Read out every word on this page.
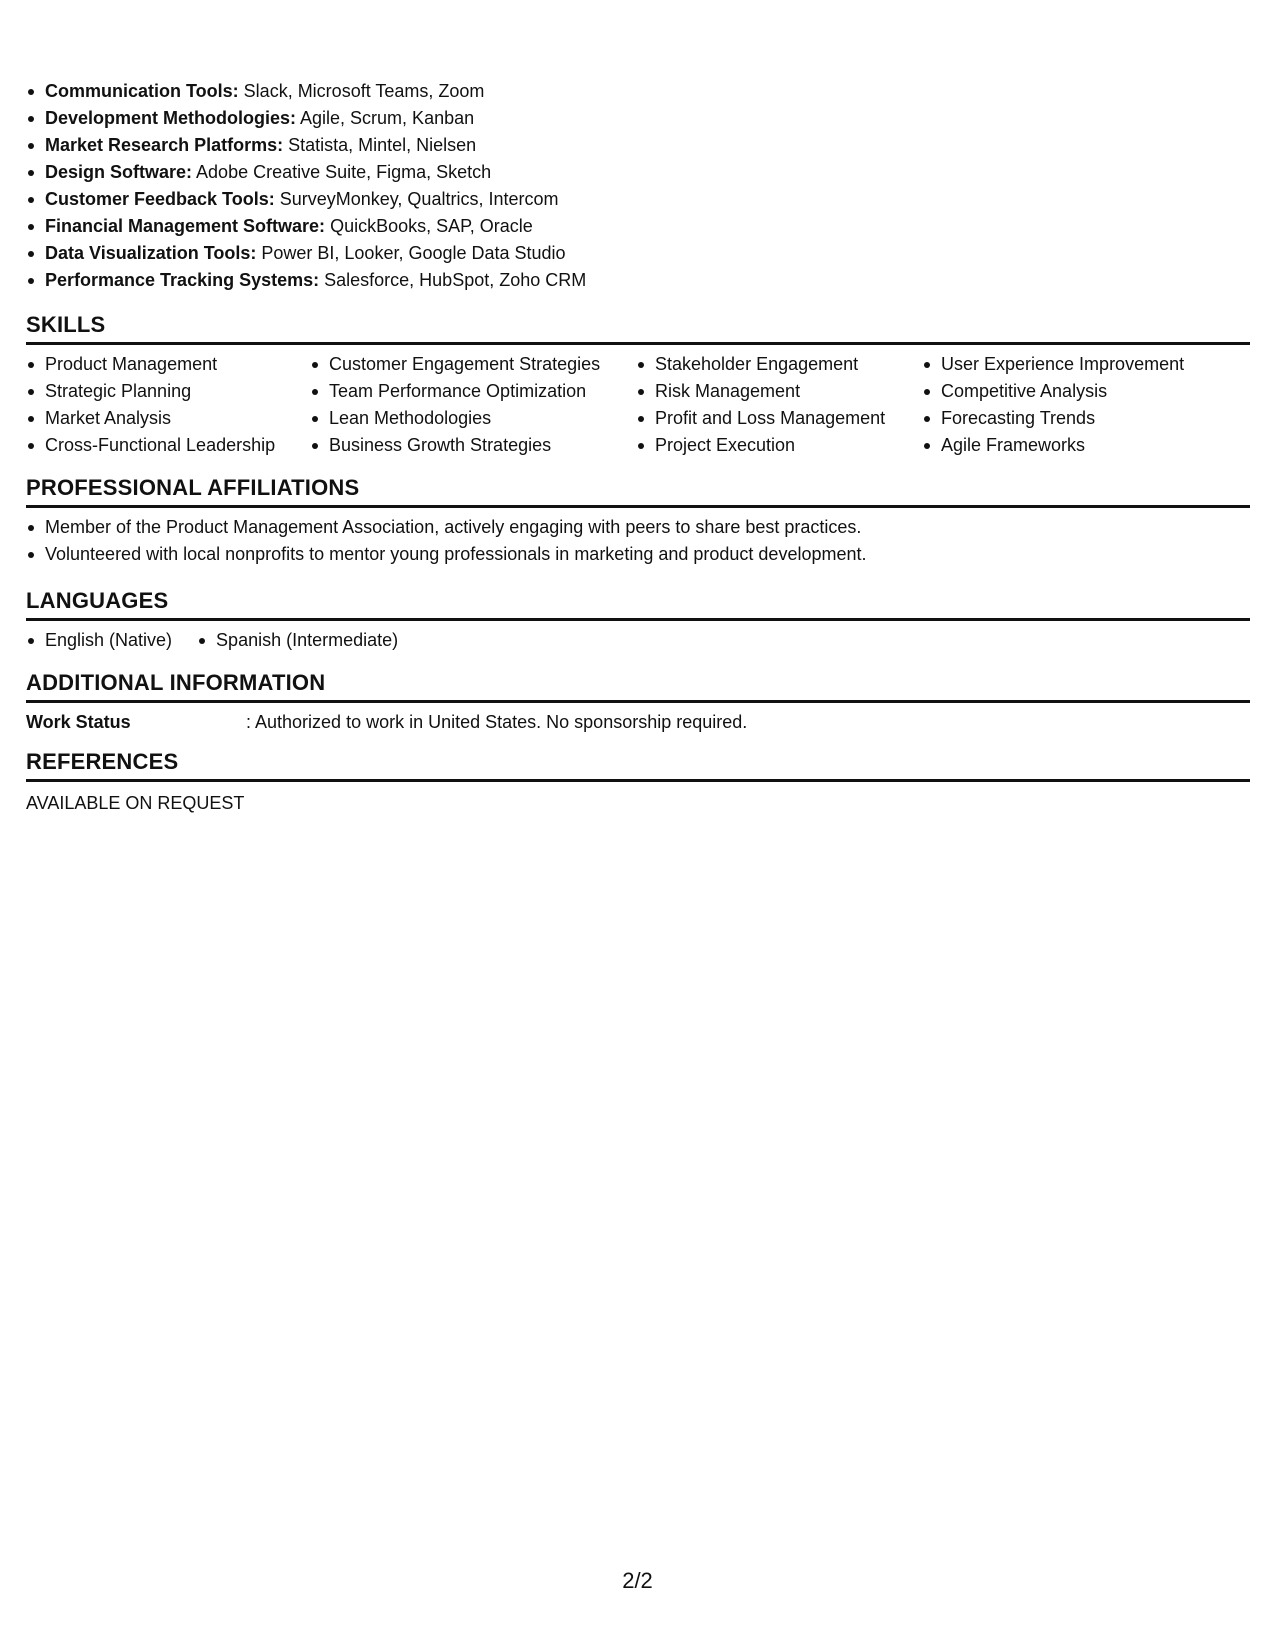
Communication Tools: Slack, Microsoft Teams, Zoom
Development Methodologies: Agile, Scrum, Kanban
Market Research Platforms: Statista, Mintel, Nielsen
Design Software: Adobe Creative Suite, Figma, Sketch
Customer Feedback Tools: SurveyMonkey, Qualtrics, Intercom
Financial Management Software: QuickBooks, SAP, Oracle
Data Visualization Tools: Power BI, Looker, Google Data Studio
Performance Tracking Systems: Salesforce, HubSpot, Zoho CRM
SKILLS
Product Management
Strategic Planning
Market Analysis
Cross-Functional Leadership
Customer Engagement Strategies
Team Performance Optimization
Lean Methodologies
Business Growth Strategies
Stakeholder Engagement
Risk Management
Profit and Loss Management
Project Execution
User Experience Improvement
Competitive Analysis
Forecasting Trends
Agile Frameworks
PROFESSIONAL AFFILIATIONS
Member of the Product Management Association, actively engaging with peers to share best practices.
Volunteered with local nonprofits to mentor young professionals in marketing and product development.
LANGUAGES
English (Native)	Spanish (Intermediate)
ADDITIONAL INFORMATION
Work Status	: Authorized to work in United States. No sponsorship required.
REFERENCES
AVAILABLE ON REQUEST
2/2
